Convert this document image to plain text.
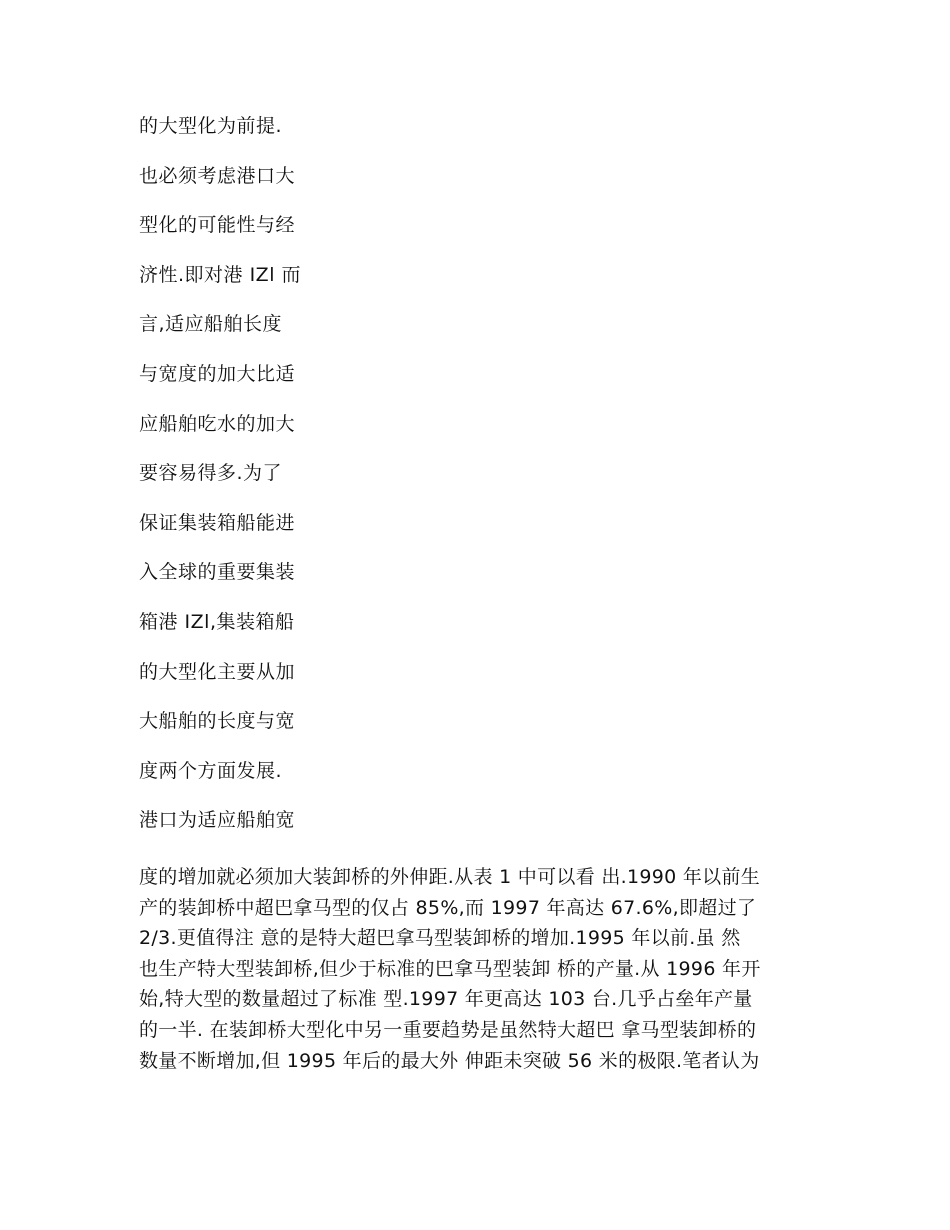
的大型化为前提.
也必须考虑港口大
型化的可能性与经
济性.即对港 IZl 而
言,适应船舶长度
与宽度的加大比适
应船舶吃水的加大
要容易得多.为了
保证集装箱船能进
入全球的重要集装
箱港 IZl,集装箱船
的大型化主要从加
大船舶的长度与宽
度两个方面发展.
港口为适应船舶宽
度的增加就必须加大装卸桥的外伸距.从表 1 中可以看 出.1990 年以前生
产的装卸桥中超巴拿马型的仅占 85%,而 1997 年高达 67.6%,即超过了
2/3.更值得注 意的是特大超巴拿马型装卸桥的增加.1995 年以前.虽 然
也生产特大型装卸桥,但少于标准的巴拿马型装卸 桥的产量.从 1996 年开
始,特大型的数量超过了标准 型.1997 年更高达 103 台.几乎占垒年产量
的一半. 在装卸桥大型化中另一重要趋势是虽然特大超巴 拿马型装卸桥的
数量不断增加,但 1995 年后的最大外 伸距未突破 56 米的极限.笔者认为
